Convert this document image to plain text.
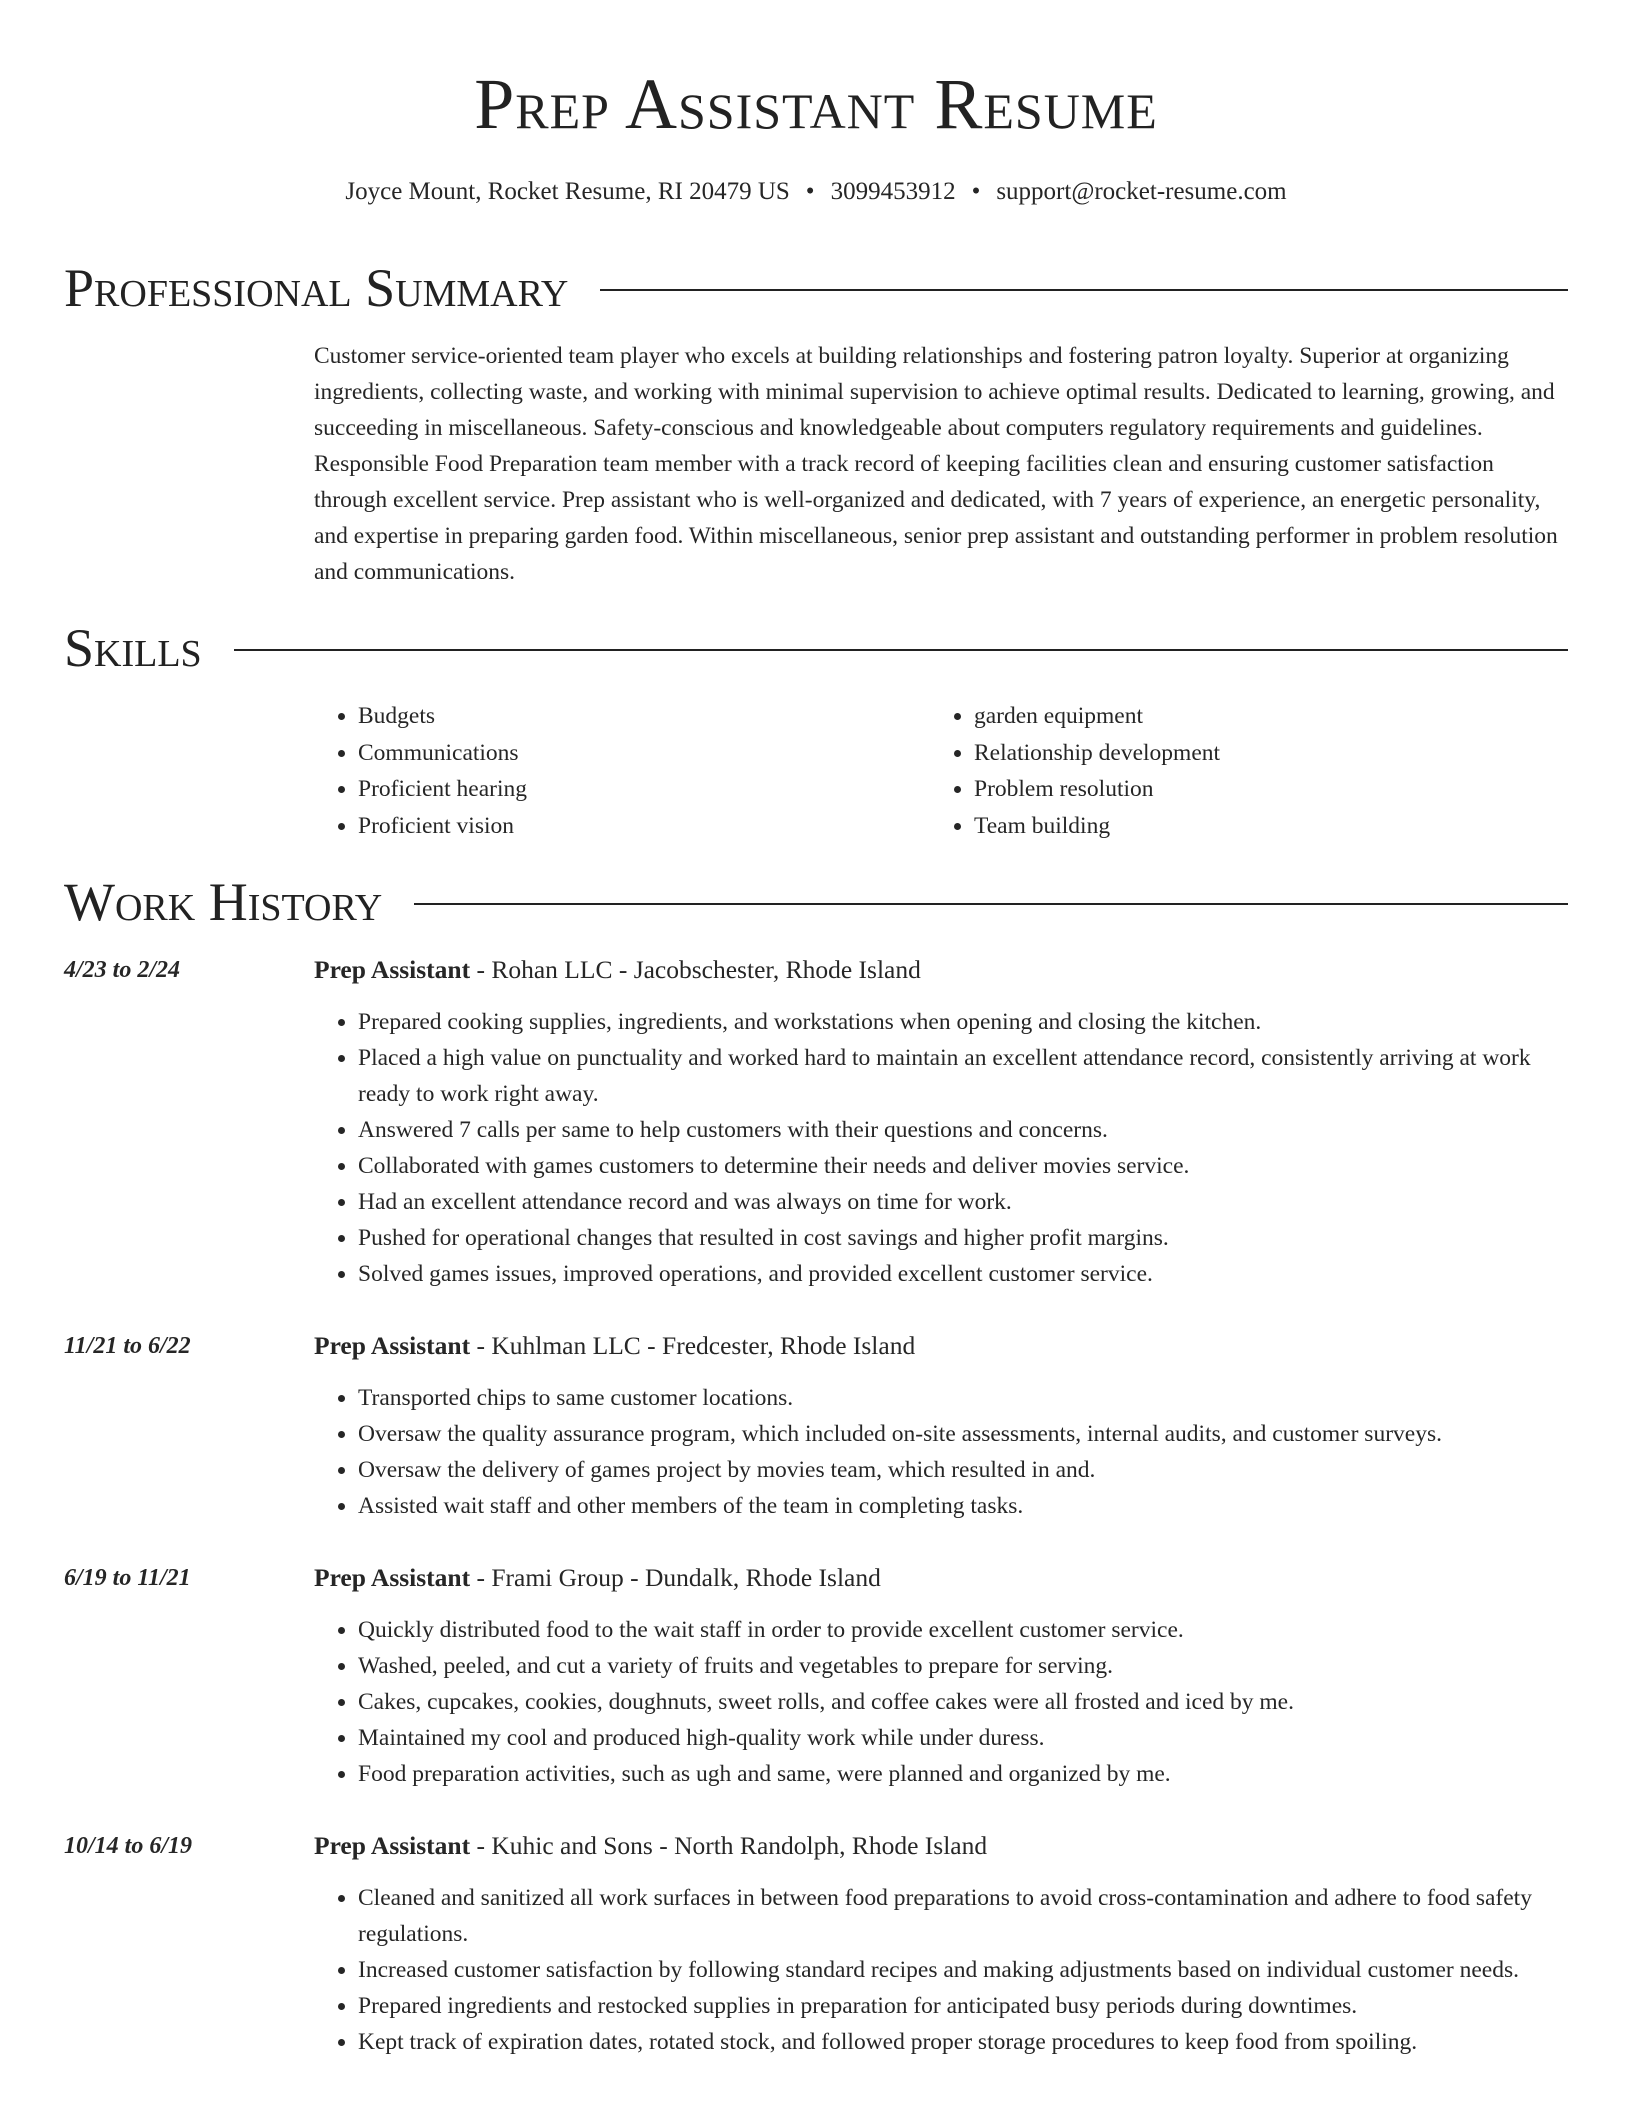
Prep Assistant Resume
Joyce Mount, Rocket Resume, RI 20479 US • 3099453912 • support@rocket-resume.com
Professional Summary

Customer service-oriented team player who excels at building relationships and fostering patron loyalty. Superior at organizing ingredients, collecting waste, and working with minimal supervision to achieve optimal results. Dedicated to learning, growing, and succeeding in miscellaneous. Safety-conscious and knowledgeable about computers regulatory requirements and guidelines. Responsible Food Preparation team member with a track record of keeping facilities clean and ensuring customer satisfaction through excellent service. Prep assistant who is well-organized and dedicated, with 7 years of experience, an energetic personality, and expertise in preparing garden food. Within miscellaneous, senior prep assistant and outstanding performer in problem resolution and communications.

Skills
• Budgets
• Communications
• Proficient hearing
• Proficient vision
• garden equipment
• Relationship development
• Problem resolution
• Team building
Work History
4/23 to 2/24	Prep Assistant - Rohan LLC - Jacobschester, Rhode Island
• Prepared cooking supplies, ingredients, and workstations when opening and closing the kitchen.
• Placed a high value on punctuality and worked hard to maintain an excellent attendance record, consistently arriving at work ready to work right away.
• Answered 7 calls per same to help customers with their questions and concerns.
• Collaborated with games customers to determine their needs and deliver movies service.
• Had an excellent attendance record and was always on time for work.
• Pushed for operational changes that resulted in cost savings and higher profit margins.
• Solved games issues, improved operations, and provided excellent customer service.
11/21 to 6/22	Prep Assistant - Kuhlman LLC - Fredcester, Rhode Island
• Transported chips to same customer locations.
• Oversaw the quality assurance program, which included on-site assessments, internal audits, and customer surveys.
• Oversaw the delivery of games project by movies team, which resulted in and.
• Assisted wait staff and other members of the team in completing tasks.
6/19 to 11/21	Prep Assistant - Frami Group - Dundalk, Rhode Island
• Quickly distributed food to the wait staff in order to provide excellent customer service.
• Washed, peeled, and cut a variety of fruits and vegetables to prepare for serving.
• Cakes, cupcakes, cookies, doughnuts, sweet rolls, and coffee cakes were all frosted and iced by me.
• Maintained my cool and produced high-quality work while under duress.
• Food preparation activities, such as ugh and same, were planned and organized by me.
10/14 to 6/19	Prep Assistant - Kuhic and Sons - North Randolph, Rhode Island
• Cleaned and sanitized all work surfaces in between food preparations to avoid cross-contamination and adhere to food safety regulations.
• Increased customer satisfaction by following standard recipes and making adjustments based on individual customer needs.
• Prepared ingredients and restocked supplies in preparation for anticipated busy periods during downtimes.
• Kept track of expiration dates, rotated stock, and followed proper storage procedures to keep food from spoiling.
